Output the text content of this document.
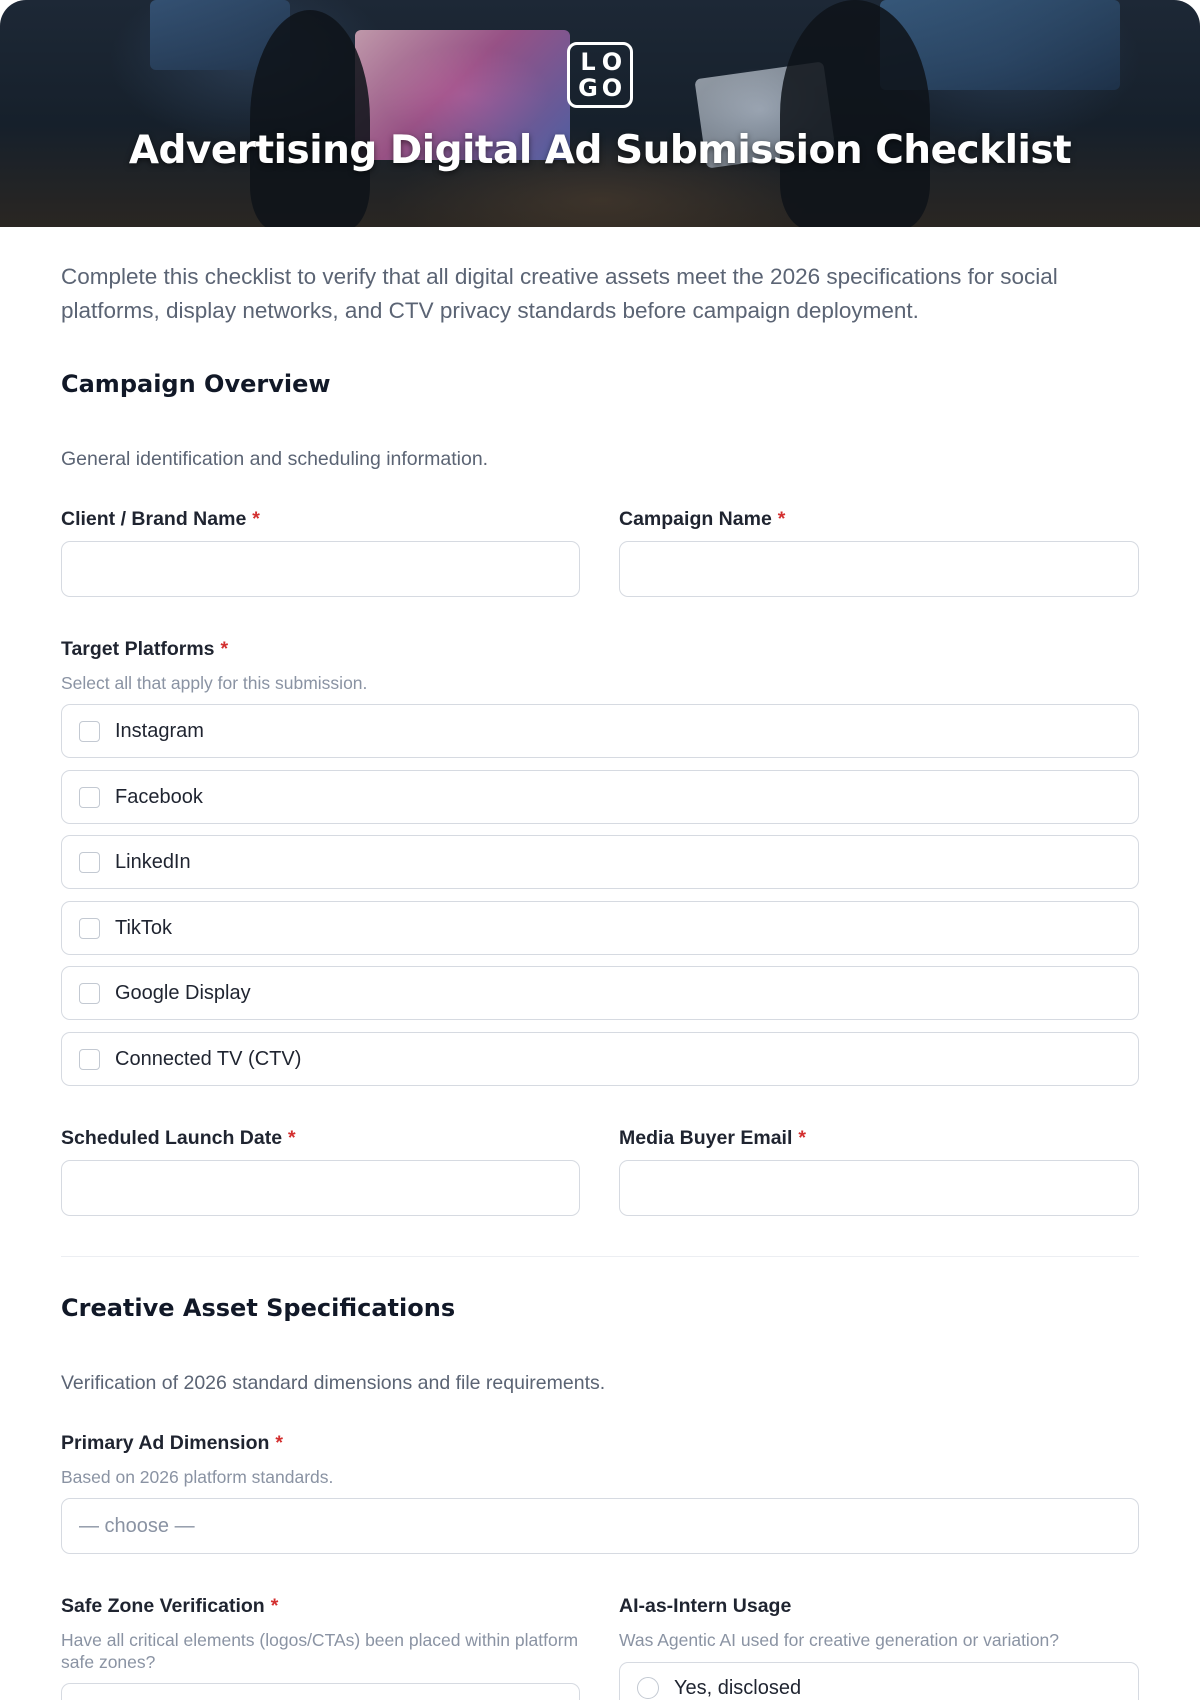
L O
G O
Advertising Digital Ad Submission Checklist

Complete this checklist to verify that all digital creative assets meet the 2026 specifications for social platforms, display networks, and CTV privacy standards before campaign deployment.

Campaign Overview
General identification and scheduling information.
Client / Brand Name *	Campaign Name *
Target Platforms *
Select all that apply for this submission.
Instagram
Facebook
LinkedIn
TikTok
Google Display
Connected TV (CTV)
Scheduled Launch Date *	Media Buyer Email *
Creative Asset Specifications
Verification of 2026 standard dimensions and file requirements.
Primary Ad Dimension *
Based on 2026 platform standards.
— choose —
Safe Zone Verification *
Have all critical elements (logos/CTAs) been placed within platform safe zones?
AI-as-Intern Usage
Was Agentic AI used for creative generation or variation?
Yes, disclosed
